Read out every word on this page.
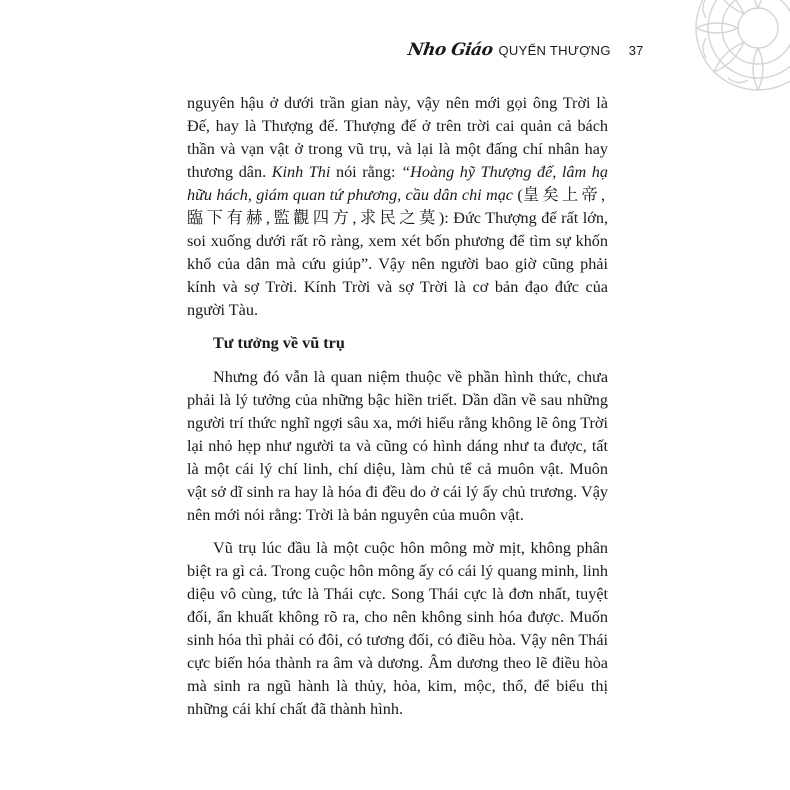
Nho Giáo QUYỂN THƯỢNG 37

nguyên hậu ở dưới trần gian này, vậy nên mới gọi ông Trời là Đế, hay là Thượng đế. Thượng đế ở trên trời cai quản cả bách thần và vạn vật ở trong vũ trụ, và lại là một đấng chí nhân hay thương dân. Kinh Thi nói rằng: “Hoàng hỹ Thượng đế, lâm hạ hữu hách, giám quan tứ phương, cầu dân chi mạc (皇矣上帝,臨下有赫,監觀四方,求民之莫): Đức Thượng đế rất lớn, soi xuống dưới rất rõ ràng, xem xét bốn phương để tìm sự khốn khổ của dân mà cứu giúp”. Vậy nên người bao giờ cũng phải kính và sợ Trời. Kính Trời và sợ Trời là cơ bản đạo đức của người Tàu.

Tư tưởng về vũ trụ

Nhưng đó vẫn là quan niệm thuộc về phần hình thức, chưa phải là lý tưởng của những bậc hiền triết. Dần dần về sau những người trí thức nghĩ ngợi sâu xa, mới hiểu rằng không lẽ ông Trời lại nhỏ hẹp như người ta và cũng có hình dáng như ta được, tất là một cái lý chí linh, chí diệu, làm chủ tể cả muôn vật. Muôn vật sở dĩ sinh ra hay là hóa đi đều do ở cái lý ấy chủ trương. Vậy nên mới nói rằng: Trời là bản nguyên của muôn vật.

Vũ trụ lúc đầu là một cuộc hôn mông mờ mịt, không phân biệt ra gì cả. Trong cuộc hôn mông ấy có cái lý quang minh, linh diệu vô cùng, tức là Thái cực. Song Thái cực là đơn nhất, tuyệt đối, ẩn khuất không rõ ra, cho nên không sinh hóa được. Muốn sinh hóa thì phải có đôi, có tương đối, có điều hòa. Vậy nên Thái cực biến hóa thành ra âm và dương. Âm dương theo lẽ điều hòa mà sinh ra ngũ hành là thủy, hỏa, kim, mộc, thổ, để biểu thị những cái khí chất đã thành hình.
